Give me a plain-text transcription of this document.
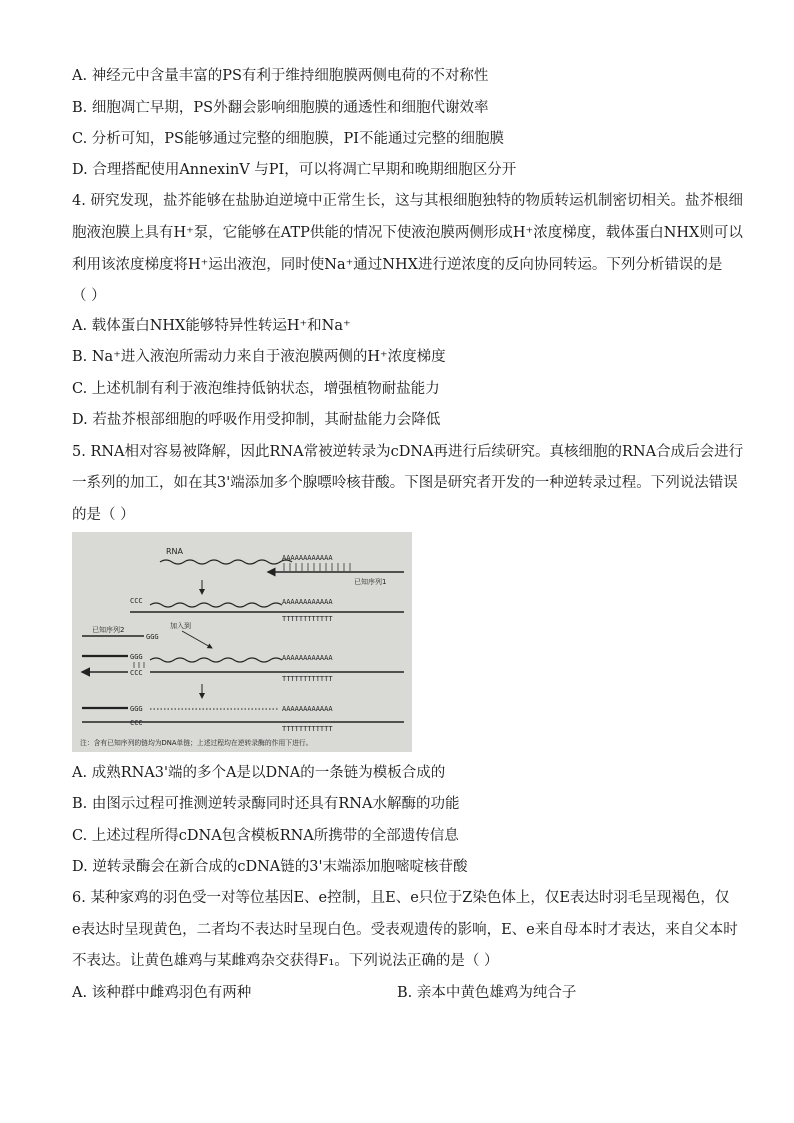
A. 神经元中含量丰富的PS有利于维持细胞膜两侧电荷的不对称性
B. 细胞凋亡早期，PS外翻会影响细胞膜的通透性和细胞代谢效率
C. 分析可知，PS能够通过完整的细胞膜，PI不能通过完整的细胞膜
D. 合理搭配使用AnnexinV 与PI，可以将凋亡早期和晚期细胞区分开
4. 研究发现，盐芥能够在盐胁迫逆境中正常生长，这与其根细胞独特的物质转运机制密切相关。盐芥根细
胞液泡膜上具有H⁺泵，它能够在ATP供能的情况下使液泡膜两侧形成H⁺浓度梯度，载体蛋白NHX则可以
利用该浓度梯度将H⁺运出液泡，同时使Na⁺通过NHX进行逆浓度的反向协同转运。下列分析错误的是
（ ）
A. 载体蛋白NHX能够特异性转运H⁺和Na⁺
B. Na⁺进入液泡所需动力来自于液泡膜两侧的H⁺浓度梯度
C. 上述机制有利于液泡维持低钠状态，增强植物耐盐能力
D. 若盐芥根部细胞的呼吸作用受抑制，其耐盐能力会降低
5. RNA相对容易被降解，因此RNA常被逆转录为cDNA再进行后续研究。真核细胞的RNA合成后会进行
一系列的加工，如在其3'端添加多个腺嘌呤核苷酸。下图是研究者开发的一种逆转录过程。下列说法错误
的是（ ）
RNA
AAAAAAAAAAAA
已知序列1
CCC	AAAAAAAAAAAA
TTTTTTTTTTTT
已知序列2	加入到
GGG
GGG	AAAAAAAAAAAA
CCC
TTTTTTTTTTTT
GGG	AAAAAAAAAAAA
CCC
TTTTTTTTTTTT
注：含有已知序列的链均为DNA单链；上述过程均在逆转录酶的作用下进行。
A. 成熟RNA3'端的多个A是以DNA的一条链为模板合成的
B. 由图示过程可推测逆转录酶同时还具有RNA水解酶的功能
C. 上述过程所得cDNA包含模板RNA所携带的全部遗传信息
D. 逆转录酶会在新合成的cDNA链的3'末端添加胞嘧啶核苷酸
6. 某种家鸡的羽色受一对等位基因E、e控制，且E、e只位于Z染色体上，仅E表达时羽毛呈现褐色，仅
e表达时呈现黄色，二者均不表达时呈现白色。受表观遗传的影响，E、e来自母本时才表达，来自父本时
不表达。让黄色雄鸡与某雌鸡杂交获得F₁。下列说法正确的是（ ）
A. 该种群中雌鸡羽色有两种	B. 亲本中黄色雄鸡为纯合子
